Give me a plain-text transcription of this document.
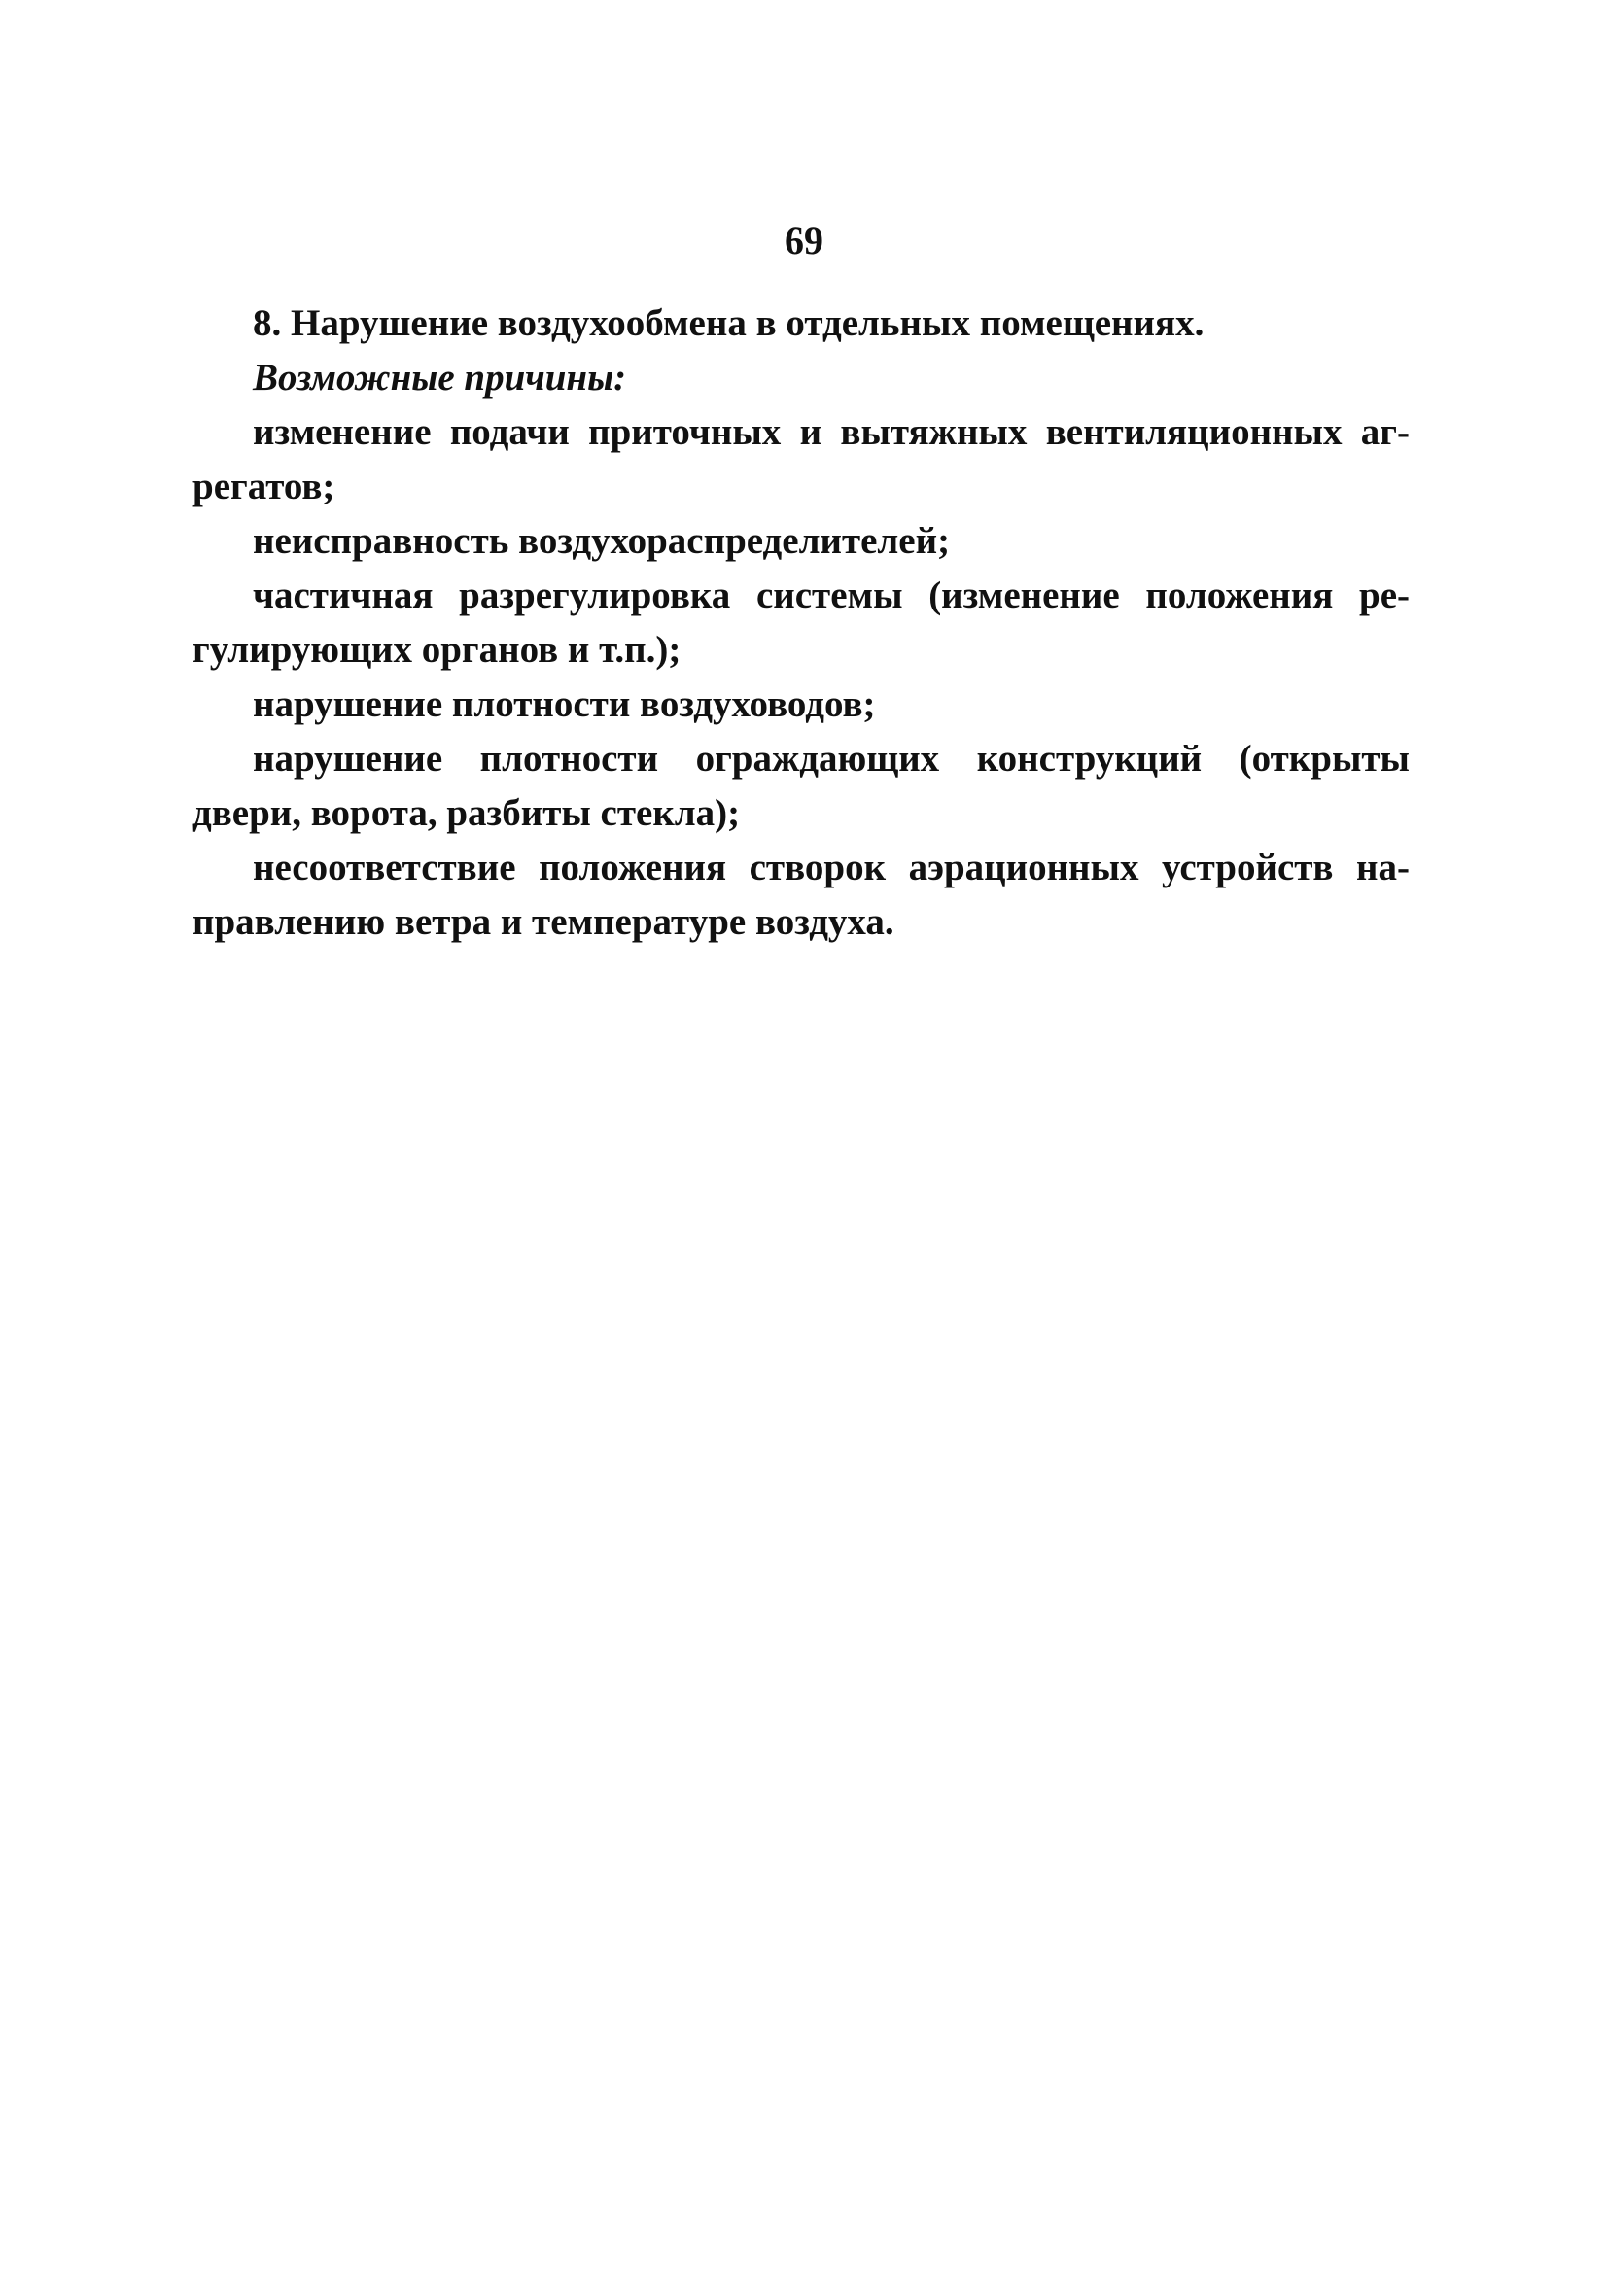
69
8. Нарушение воздухообмена в отдельных помещениях.
Возможные причины:
изменение подачи приточных и вытяжных вентиляционных аг-
регатов;
неисправность воздухораспределителей;
частичная разрегулировка системы (изменение положения ре-
гулирующих органов и т.п.);
нарушение плотности воздуховодов;
нарушение плотности ограждающих конструкций (открыты
двери, ворота, разбиты стекла);
несоответствие положения створок аэрационных устройств на-
правлению ветра и температуре воздуха.
